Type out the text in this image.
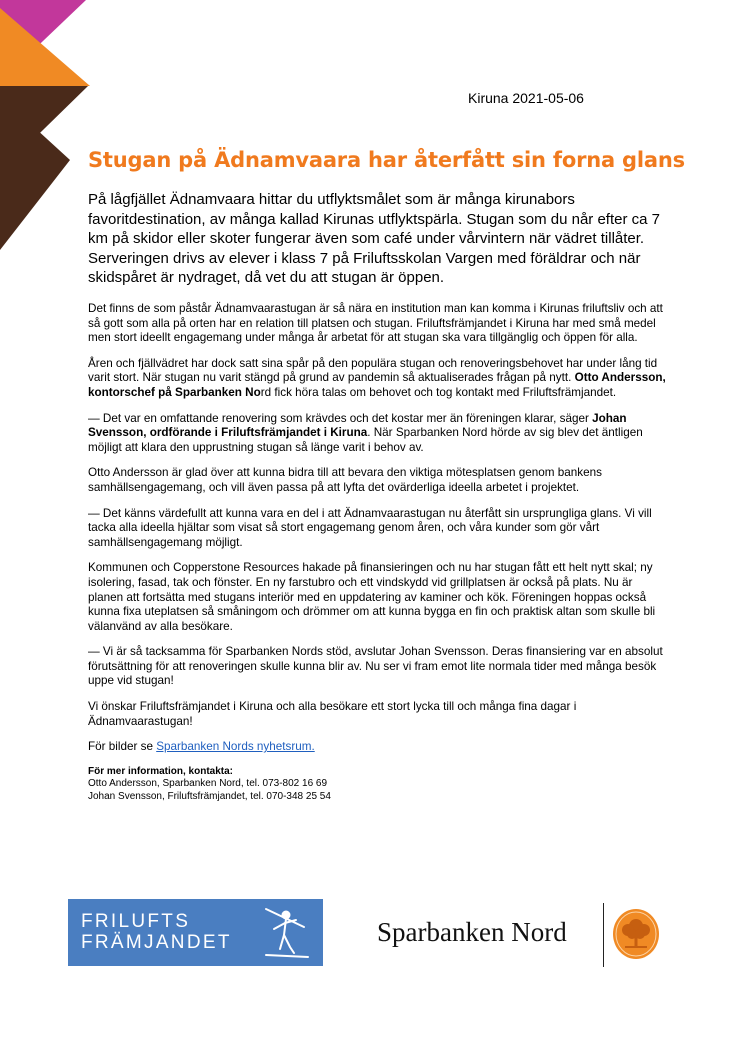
Kiruna 2021-05-06
Stugan på Ädnamvaara har återfått sin forna glans

På lågfjället Ädnamvaara hittar du utflyktsmålet som är många kirunabors favoritdestination, av många kallad Kirunas utflyktspärla. Stugan som du når efter ca 7 km på skidor eller skoter fungerar även som café under vårvintern när vädret tillåter. Serveringen drivs av elever i klass 7 på Friluftsskolan Vargen med föräldrar och när skidspåret är nydraget, då vet du att stugan är öppen.

Det finns de som påstår Ädnamvaarastugan är så nära en institution man kan komma i Kirunas friluftsliv och att så gott som alla på orten har en relation till platsen och stugan. Friluftsfrämjandet i Kiruna har med små medel men stort ideellt engagemang under många år arbetat för att stugan ska vara tillgänglig och öppen för alla.

Åren och fjällvädret har dock satt sina spår på den populära stugan och renoveringsbehovet har under lång tid varit stort. När stugan nu varit stängd på grund av pandemin så aktualiserades frågan på nytt. Otto Andersson, kontorschef på Sparbanken Nord fick höra talas om behovet och tog kontakt med Friluftsfrämjandet.

— Det var en omfattande renovering som krävdes och det kostar mer än föreningen klarar, säger Johan Svensson, ordförande i Friluftsfrämjandet i Kiruna. När Sparbanken Nord hörde av sig blev det äntligen möjligt att klara den upprustning stugan så länge varit i behov av.

Otto Andersson är glad över att kunna bidra till att bevara den viktiga mötesplatsen genom bankens samhällsengagemang, och vill även passa på att lyfta det ovärderliga ideella arbetet i projektet.

— Det känns värdefullt att kunna vara en del i att Ädnamvaarastugan nu återfått sin ursprungliga glans. Vi vill tacka alla ideella hjältar som visat så stort engagemang genom åren, och våra kunder som gör vårt samhällsengagemang möjligt.

Kommunen och Copperstone Resources hakade på finansieringen och nu har stugan fått ett helt nytt skal; ny isolering, fasad, tak och fönster. En ny farstubro och ett vindskydd vid grillplatsen är också på plats. Nu är planen att fortsätta med stugans interiör med en uppdatering av kaminer och kök. Föreningen hoppas också kunna fixa uteplatsen så småningom och drömmer om att kunna bygga en fin och praktisk altan som skulle bli välanvänd av alla besökare.

— Vi är så tacksamma för Sparbanken Nords stöd, avslutar Johan Svensson. Deras finansiering var en absolut förutsättning för att renoveringen skulle kunna blir av. Nu ser vi fram emot lite normala tider med många besök uppe vid stugan!

Vi önskar Friluftsfrämjandet i Kiruna och alla besökare ett stort lycka till och många fina dagar i Ädnamvaarastugan!

För bilder se Sparbanken Nords nyhetsrum.

För mer information, kontakta:
Otto Andersson, Sparbanken Nord, tel. 073-802 16 69
Johan Svensson, Friluftsfrämjandet, tel. 070-348 25 54
FRILUFTS
FRÄMJANDET	Sparbanken Nord
